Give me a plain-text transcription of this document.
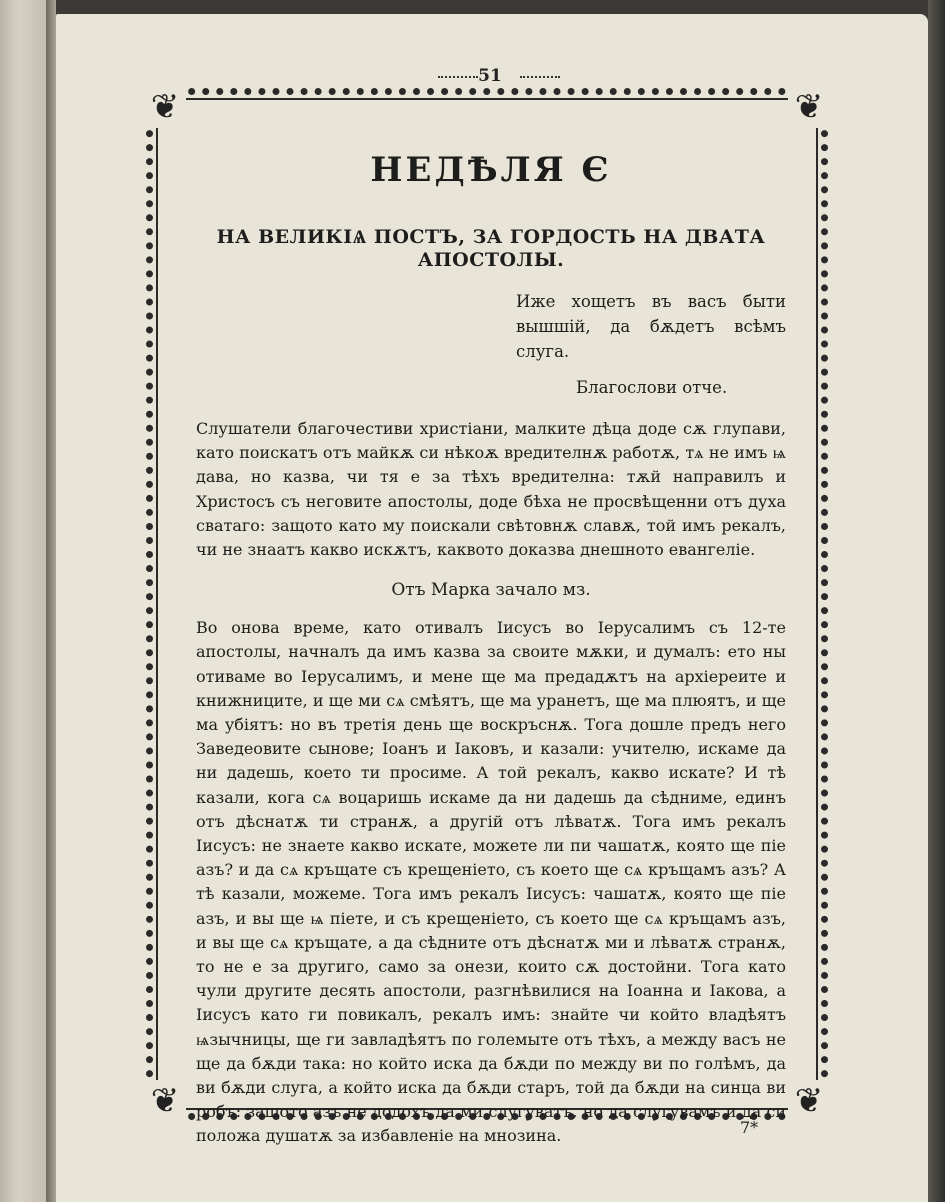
51
❦	❦
❦	❦
НЕДѢЛЯ Є
НА ВЕЛИКІѦ ПОСТЪ, ЗА ГОРДОСТЬ НА ДВАТА АПОСТОЛЫ.
Иже хощетъ въ васъ быти вышшій, да бѫдетъ всѣмъ слуга.
Благослови отче.

Слушатели благочестиви христіани, малките дѣца доде сѫ глупави, като поискатъ отъ майкѫ си нѣкоѫ вредителнѫ работѫ, тѧ не имъ ѩ дава, но казва, чи тя е за тѣхъ вредителна: тѫй направилъ и Христосъ съ неговите апостолы, доде бѣха не просвѣщенни отъ духа сватаго: защото като му поискали свѣтовнѫ славѫ, той имъ рекалъ, чи не знаатъ какво искѫтъ, каквото доказва днешното евангеліе.

Отъ Марка зачало мз.

Во онова време, като отивалъ Іисусъ во Іерусалимъ съ 12-те апостолы, начналъ да имъ казва за своите мѫки, и думалъ: ето ны отиваме во Іерусалимъ, и мене ще ма предадѫтъ на архіереите и книжниците, и ще ми сѧ смѣятъ, ще ма уранетъ, ще ма плюятъ, и ще ма убіятъ: но въ третія день ще воскръснѫ. Тога дошле предъ него Заведеовите сынове; Іоанъ и Іаковъ, и казали: учителю, искаме да ни дадешь, което ти просиме. А той рекалъ, какво искате? И тѣ казали, кога сѧ воцаришь искаме да ни дадешь да сѣдниме, единъ отъ дѣснатѫ ти странѫ, а другій отъ лѣватѫ. Тога имъ рекалъ Іисусъ: не знаете какво искате, можете ли пи чашатѫ, коятo ще піе азъ? и да сѧ кръщате съ крещеніето, съ което ще сѧ кръщамъ азъ? А тѣ казали, можеме. Тога имъ рекалъ Іисусъ: чашатѫ, коятo ще піе азъ, и вы ще ѩ піете, и съ крещеніето, съ което ще сѧ кръщамъ азъ, и вы ще сѧ кръщате, а да сѣдните отъ дѣснатѫ ми и лѣватѫ странѫ, то не е за другиго, само за онези, които сѫ достойни. Тога като чули другите десять апостоли, разгнѣвилися на Іоанна и Іакова, а Іисусъ като ги повикалъ, рекалъ имъ: знайте чи който владѣятъ ѩзычницы, ще ги завладѣятъ по големыте отъ тѣхъ, а между васъ не ще да бѫди така: но който иска да бѫди по между ви по голѣмъ, да ви бѫди слуга, а който иска да бѫди старъ, той да бѫди на синца ви робъ: защото азъ не додохъ да ми слугуватъ, но да слугувамъ и да си положа душатѫ за избавленіе на мнозина.	7*
